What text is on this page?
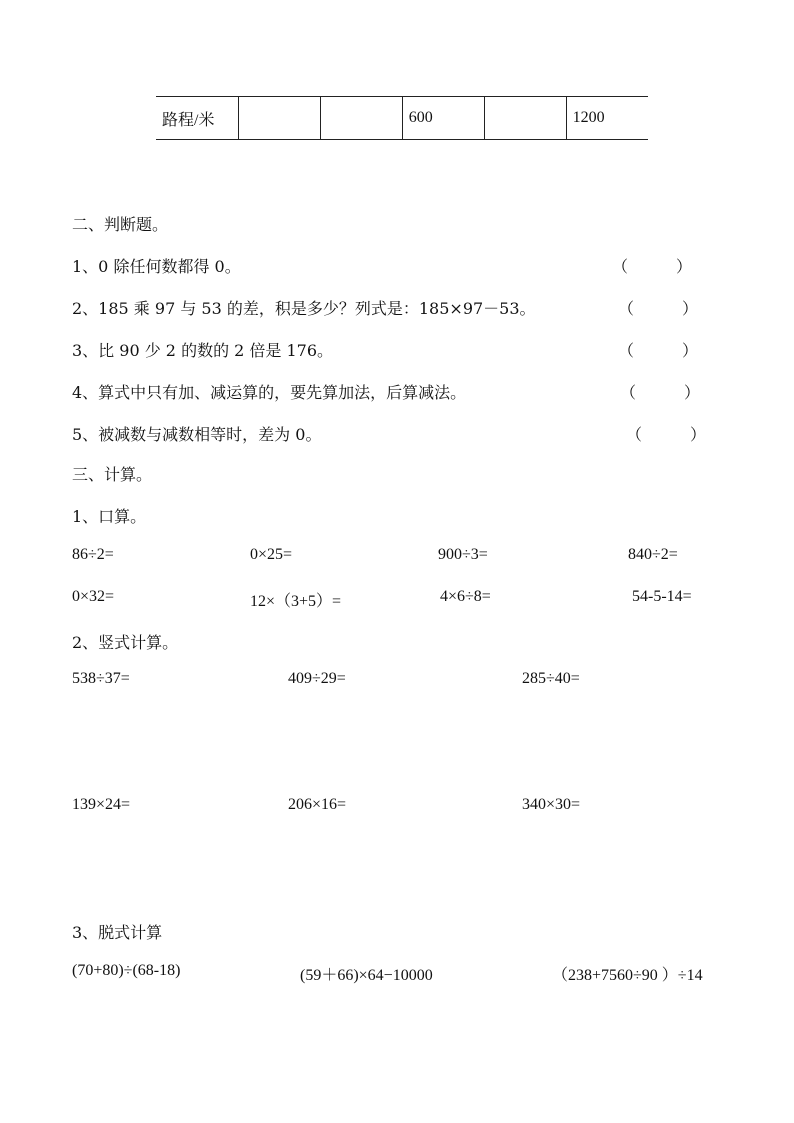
路程/米			600		1200
二、判断题。
1、0 除任何数都得 0。	（　　　）
2、185 乘 97 与 53 的差，积是多少？列式是：185×97－53。	（　　　）
3、比 90 少 2 的数的 2 倍是 176。	（　　　）
4、算式中只有加、减运算的，要先算加法，后算减法。	（　　　）
5、被减数与减数相等时，差为 0。	（　　　）
三、计算。
1、口算。
86÷2=	0×25=	900÷3=	840÷2=
0×32=	12×（3+5）=	4×6÷8=	54-5-14=
2、竖式计算。
538÷37=	409÷29=	285÷40=
139×24=	206×16=	340×30=
3、脱式计算
(70+80)÷(68-18)	(59＋66)×64−10000	（238+7560÷90 ）÷14
